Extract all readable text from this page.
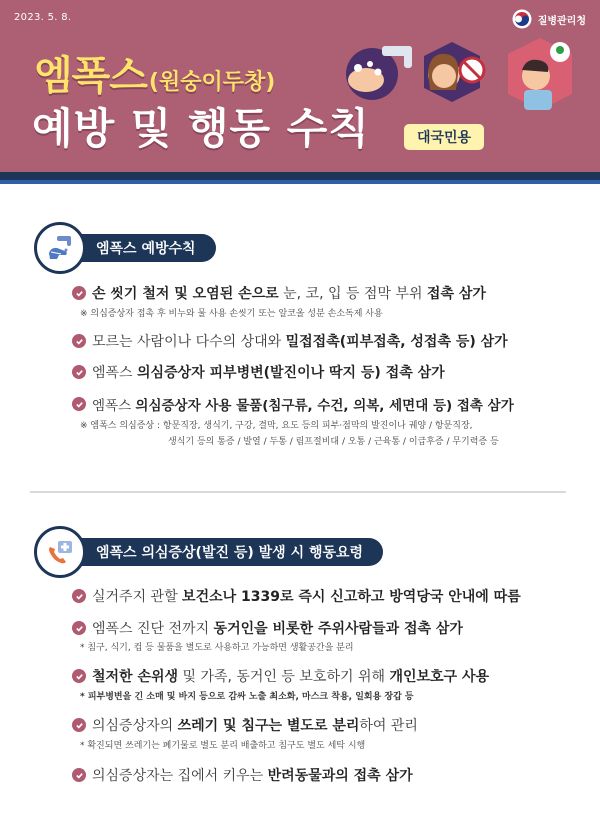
2023. 5. 8.	질병관리청
엠폭스 (원숭이두창)
예방 및 행동 수칙	대국민용
엠폭스 예방수칙
손 씻기 철저 및 오염된 손으로 눈, 코, 입 등 점막 부위 접촉 삼가
※ 의심증상자 접촉 후 비누와 물 사용 손씻기 또는 알코올 성분 손소독제 사용
모르는 사람이나 다수의 상대와 밀접접촉(피부접촉, 성접촉 등) 삼가
엠폭스 의심증상자 피부병변(발진이나 딱지 등) 접촉 삼가
엠폭스 의심증상자 사용 물품(침구류, 수건, 의복, 세면대 등) 접촉 삼가
※ 엠폭스 의심증상 : 항문직장, 생식기, 구강, 결막, 요도 등의 피부·점막의 발진이나 궤양 / 항문직장,
생식기 등의 통증 / 발열 / 두통 / 림프절비대 / 오통 / 근육통 / 이급후증 / 무기력증 등
엠폭스 의심증상(발진 등) 발생 시 행동요령
실거주지 관할 보건소나 1339로 즉시 신고하고 방역당국 안내에 따름
엠폭스 진단 전까지 동거인을 비롯한 주위사람들과 접촉 삼가
* 침구, 식기, 컵 등 물품을 별도로 사용하고 가능하면 생활공간을 분리
철저한 손위생 및 가족, 동거인 등 보호하기 위해 개인보호구 사용
* 피부병변을 긴 소매 및 바지 등으로 감싸 노출 최소화, 마스크 착용, 일회용 장갑 등
의심증상자의 쓰레기 및 침구는 별도로 분리하여 관리
* 확진되면 쓰레기는 폐기물로 별도 분리 배출하고 침구도 별도 세탁 시행
의심증상자는 집에서 키우는 반려동물과의 접촉 삼가
